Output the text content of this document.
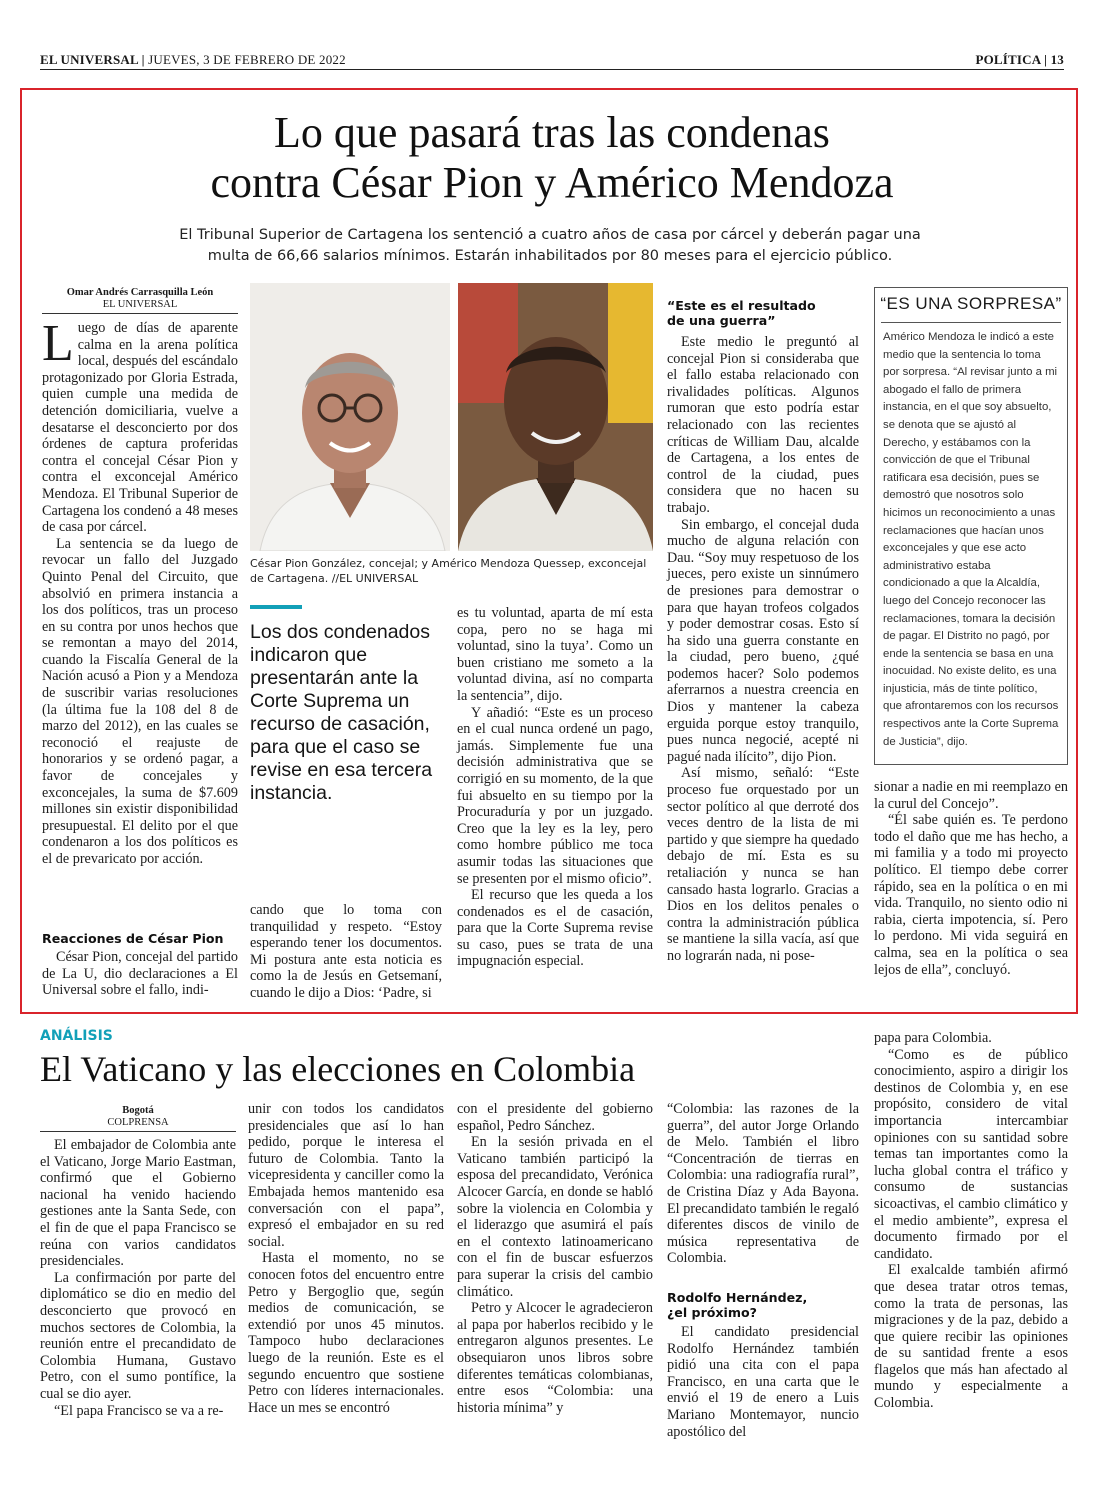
EL UNIVERSAL | JUEVES, 3 DE FEBRERO DE 2022	POLÍTICA | 13
Lo que pasará tras las condenas
contra César Pion y Américo Mendoza
El Tribunal Superior de Cartagena los sentenció a cuatro años de casa por cárcel y deberán pagar una
multa de 66,66 salarios mínimos. Estarán inhabilitados por 80 meses para el ejercicio público.
Omar Andrés Carrasquilla León
EL UNIVERSAL

Luego de días de aparente calma en la arena política local, después del escándalo protagonizado por Gloria Estrada, quien cumple una medida de detención domiciliaria, vuelve a desatarse el desconcierto por dos órdenes de captura proferidas contra el concejal César Pion y contra el exconcejal Américo Mendoza. El Tribunal Superior de Cartagena los condenó a 48 meses de casa por cárcel.

La sentencia se da luego de revocar un fallo del Juzgado Quinto Penal del Circuito, que absolvió en primera instancia a los dos políticos, tras un proceso en su contra por unos hechos que se remontan a mayo del 2014, cuando la Fiscalía General de la Nación acusó a Pion y a Mendoza de suscribir varias resoluciones (la última fue la 108 del 8 de marzo del 2012), en las cuales se reconoció el reajuste de honorarios y se ordenó pagar, a favor de concejales y exconcejales, la suma de $7.609 millones sin existir disponibilidad presupuestal. El delito por el que condenaron a los dos políticos es el de prevaricato por acción.

Reacciones de César Pion

César Pion, concejal del partido de La U, dio declaraciones a El Universal sobre el fallo, indi-

César Pion González, concejal; y Américo Mendoza Quessep, exconcejal de Cartagena. //EL UNIVERSAL
Los dos condenados indicaron que presentarán ante la Corte Suprema un recurso de casación, para que el caso se revise en esa tercera instancia.

cando que lo toma con tranquilidad y respeto. “Estoy esperando tener los documentos. Mi postura ante esta noticia es como la de Jesús en Getsemaní, cuando le dijo a Dios: ‘Padre, si

es tu voluntad, aparta de mí esta copa, pero no se haga mi voluntad, sino la tuya’. Como un buen cristiano me someto a la voluntad divina, así no comparta la sentencia”, dijo.

Y añadió: “Este es un proceso en el cual nunca ordené un pago, jamás. Simplemente fue una decisión administrativa que se corrigió en su momento, de la que fui absuelto en su tiempo por la Procuraduría y por un juzgado. Creo que la ley es la ley, pero como hombre público me toca asumir todas las situaciones que se presenten por el mismo oficio”.

El recurso que les queda a los condenados es el de casación, para que la Corte Suprema revise su caso, pues se trata de una impugnación especial.

“Este es el resultado
de una guerra”

Este medio le preguntó al concejal Pion si consideraba que el fallo estaba relacionado con rivalidades políticas. Algunos rumoran que esto podría estar relacionado con las recientes críticas de William Dau, alcalde de Cartagena, a los entes de control de la ciudad, pues considera que no hacen su trabajo.

Sin embargo, el concejal duda mucho de alguna relación con Dau. “Soy muy respetuoso de los jueces, pero existe un sinnúmero de presiones para demostrar o para que hayan trofeos colgados y poder demostrar cosas. Esto sí ha sido una guerra constante en la ciudad, pero bueno, ¿qué podemos hacer? Solo podemos aferrarnos a nuestra creencia en Dios y mantener la cabeza erguida porque estoy tranquilo, pues nunca negocié, acepté ni pagué nada ilícito”, dijo Pion.

Así mismo, señaló: “Este proceso fue orquestado por un sector político al que derroté dos veces dentro de la lista de mi partido y que siempre ha quedado debajo de mí. Esta es su retaliación y nunca se han cansado hasta lograrlo. Gracias a Dios en los delitos penales o contra la administración pública se mantiene la silla vacía, así que no lograrán nada, ni pose-

“ES UNA SORPRESA”
Américo Mendoza le indicó a este medio que la sentencia lo toma por sorpresa. “Al revisar junto a mi abogado el fallo de primera instancia, en el que soy absuelto, se denota que se ajustó al Derecho, y estábamos con la convicción de que el Tribunal ratificara esa decisión, pues se demostró que nosotros solo hicimos un reconocimiento a unas reclamaciones que hacían unos exconcejales y que ese acto administrativo estaba condicionado a que la Alcaldía, luego del Concejo reconocer las reclamaciones, tomara la decisión de pagar. El Distrito no pagó, por ende la sentencia se basa en una inocuidad. No existe delito, es una injusticia, más de tinte político, que afrontaremos con los recursos respectivos ante la Corte Suprema de Justicia”, dijo.

sionar a nadie en mi reemplazo en la curul del Concejo”.

“Él sabe quién es. Te perdono todo el daño que me has hecho, a mi familia y a todo mi proyecto político. El tiempo debe correr rápido, sea en la política o en mi vida. Tranquilo, no siento odio ni rabia, cierta impotencia, sí. Pero lo perdono. Mi vida seguirá en calma, sea en la política o sea lejos de ella”, concluyó.

ANÁLISIS
El Vaticano y las elecciones en Colombia
Bogotá
COLPRENSA

El embajador de Colombia ante el Vaticano, Jorge Mario Eastman, confirmó que el Gobierno nacional ha venido haciendo gestiones ante la Santa Sede, con el fin de que el papa Francisco se reúna con varios candidatos presidenciales.

La confirmación por parte del diplomático se dio en medio del desconcierto que provocó en muchos sectores de Colombia, la reunión entre el precandidato de Colombia Humana, Gustavo Petro, con el sumo pontífice, la cual se dio ayer.

“El papa Francisco se va a re-

unir con todos los candidatos presidenciales que así lo han pedido, porque le interesa el futuro de Colombia. Tanto la vicepresidenta y canciller como la Embajada hemos mantenido esa conversación con el papa”, expresó el embajador en su red social.

Hasta el momento, no se conocen fotos del encuentro entre Petro y Bergoglio que, según medios de comunicación, se extendió por unos 45 minutos. Tampoco hubo declaraciones luego de la reunión. Este es el segundo encuentro que sostiene Petro con líderes internacionales. Hace un mes se encontró

con el presidente del gobierno español, Pedro Sánchez.

En la sesión privada en el Vaticano también participó la esposa del precandidato, Verónica Alcocer García, en donde se habló sobre la violencia en Colombia y el liderazgo que asumirá el país en el contexto latinoamericano con el fin de buscar esfuerzos para superar la crisis del cambio climático.

Petro y Alcocer le agradecieron al papa por haberlos recibido y le entregaron algunos presentes. Le obsequiaron unos libros sobre diferentes temáticas colombianas, entre esos “Colombia: una historia mínima” y

“Colombia: las razones de la guerra”, del autor Jorge Orlando de Melo. También el libro “Concentración de tierras en Colombia: una radiografía rural”, de Cristina Díaz y Ada Bayona. El precandidato también le regaló diferentes discos de vinilo de música representativa de Colombia.

Rodolfo Hernández,
¿el próximo?

El candidato presidencial Rodolfo Hernández también pidió una cita con el papa Francisco, en una carta que le envió el 19 de enero a Luis Mariano Montemayor, nuncio apostólico del

papa para Colombia.

“Como es de público conocimiento, aspiro a dirigir los destinos de Colombia y, en ese propósito, considero de vital importancia intercambiar opiniones con su santidad sobre temas tan importantes como la lucha global contra el tráfico y consumo de sustancias sicoactivas, el cambio climático y el medio ambiente”, expresa el documento firmado por el candidato.

El exalcalde también afirmó que desea tratar otros temas, como la trata de personas, las migraciones y de la paz, debido a que quiere recibir las opiniones de su santidad frente a esos flagelos que más han afectado al mundo y especialmente a Colombia.
